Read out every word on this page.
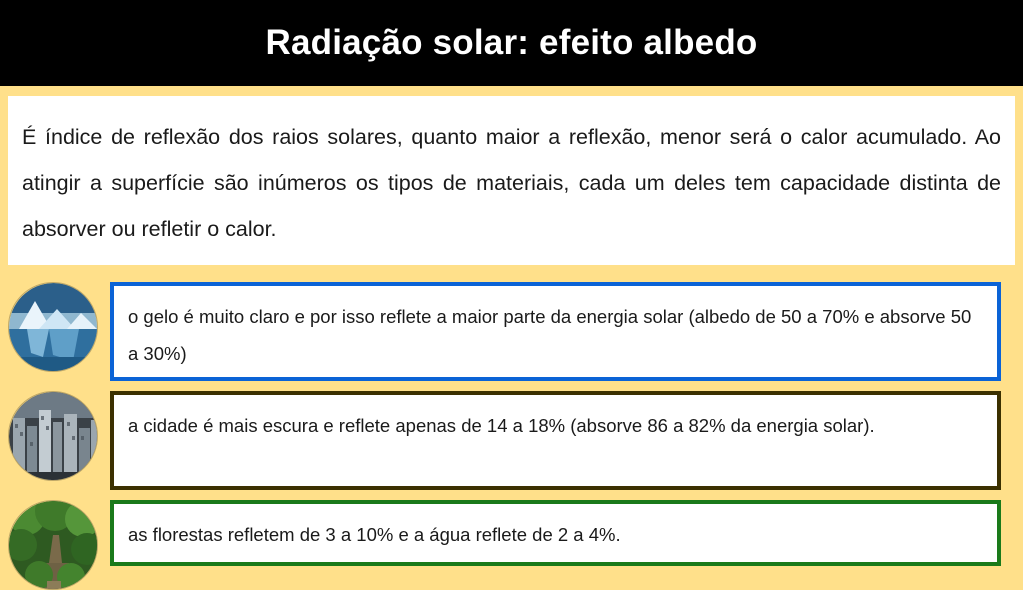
Radiação solar: efeito albedo
É índice de reflexão dos raios solares, quanto maior a reflexão, menor será o calor acumulado. Ao atingir a superfície são inúmeros os tipos de materiais, cada um deles tem capacidade distinta de absorver ou refletir o calor.
o gelo é muito claro e por isso reflete a maior parte da energia solar (albedo de 50 a 70% e absorve 50 a 30%)
a cidade é mais escura e reflete apenas de 14 a 18% (absorve 86 a 82% da energia solar).
as florestas refletem de 3 a 10% e a água reflete de 2 a 4%.
